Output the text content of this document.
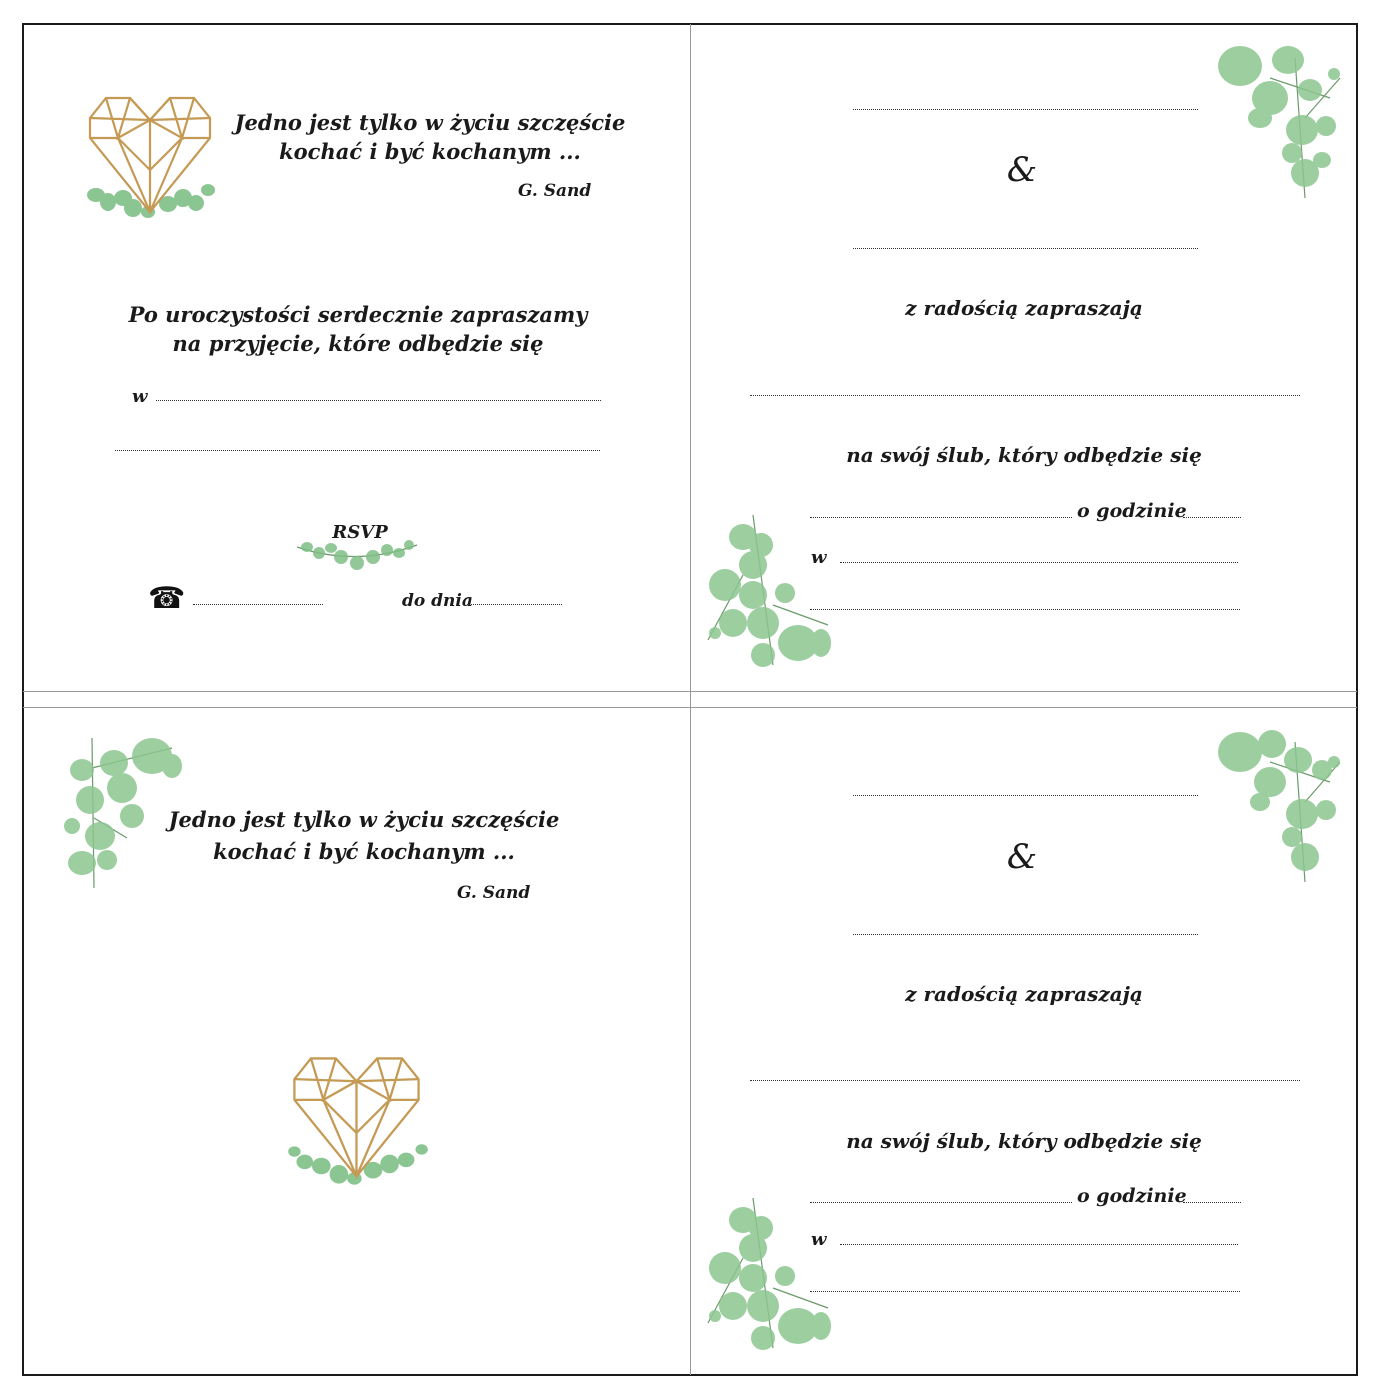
Jedno jest tylko w życiu szczęście
kochać i być kochanym ...
G. Sand
Po uroczystości serdecznie zapraszamy
na przyjęcie, które odbędzie się
w
RSVP
☎	do dnia
&
z radością zapraszają
na swój ślub, który odbędzie się
o godzinie
w
Jedno jest tylko w życiu szczęście
kochać i być kochanym ...
G. Sand
&
z radością zapraszają
na swój ślub, który odbędzie się
o godzinie
w
